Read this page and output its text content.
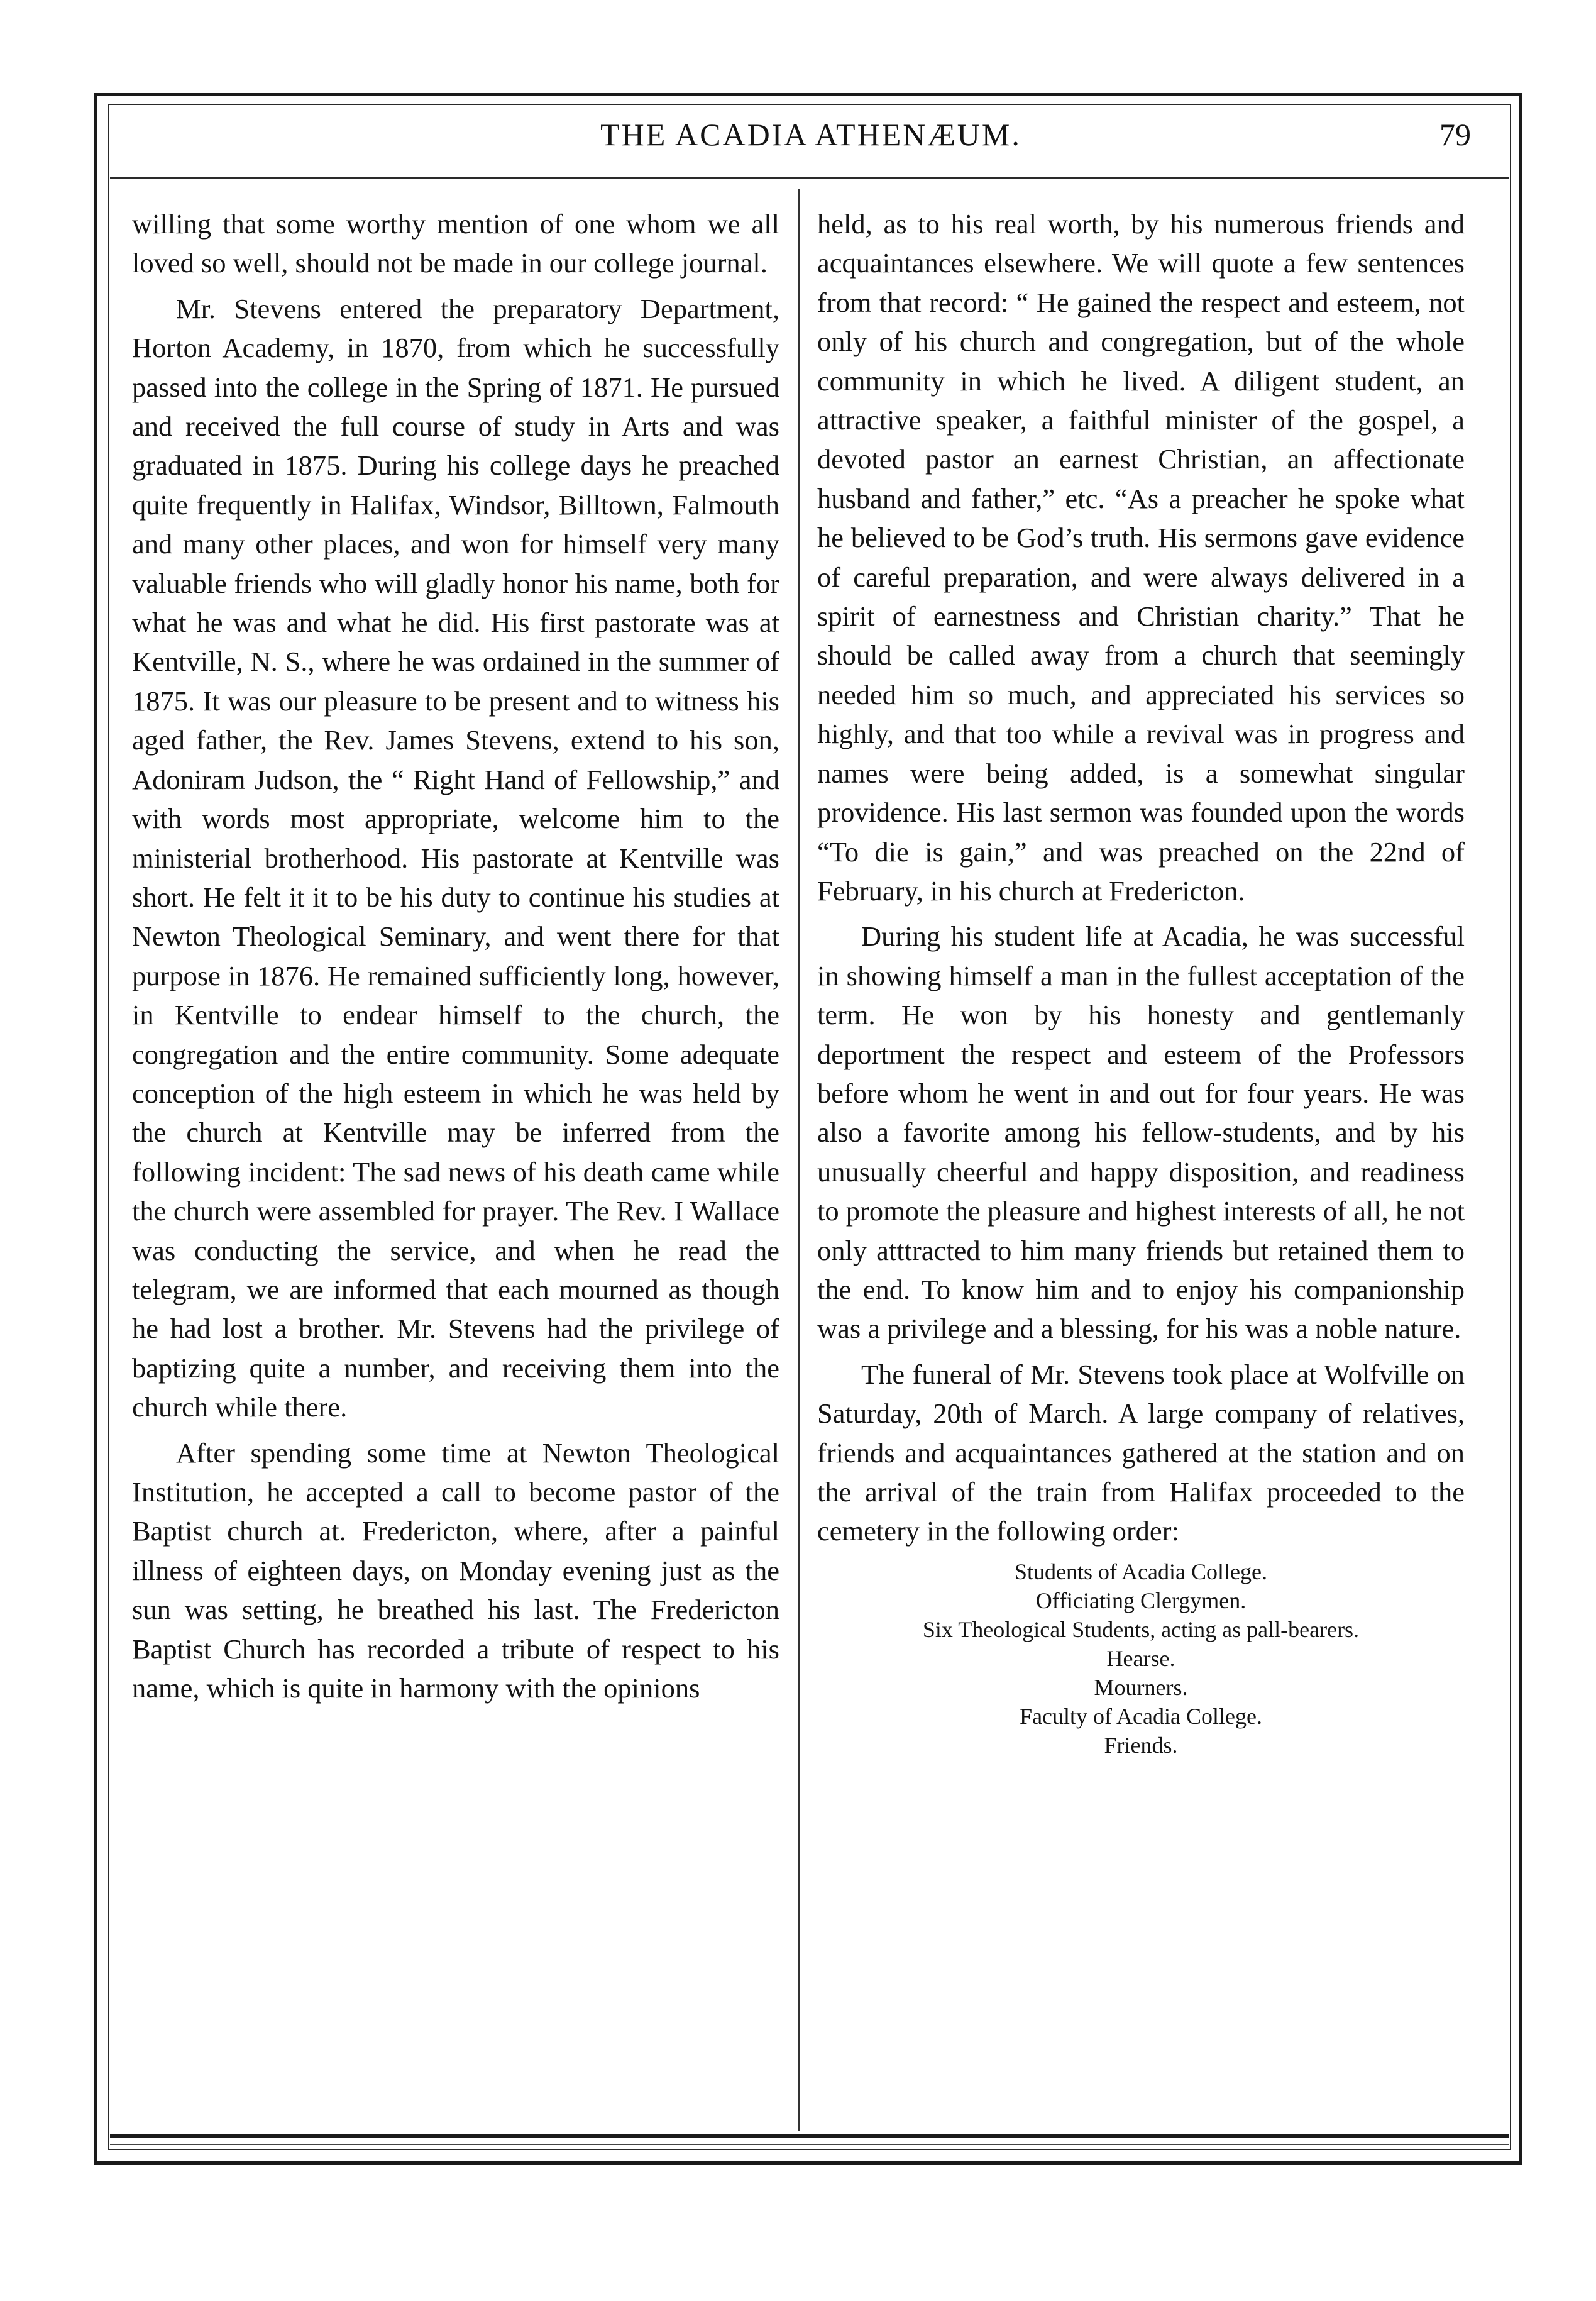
THE ACADIA ATHENÆUM.	79

willing that some worthy mention of one whom we all loved so well, should not be made in our college journal.

Mr. Stevens entered the preparatory Department, Horton Academy, in 1870, from which he successfully passed into the college in the Spring of 1871. He pursued and received the full course of study in Arts and was graduated in 1875. During his college days he preached quite frequently in Halifax, Windsor, Billtown, Falmouth and many other places, and won for himself very many valuable friends who will gladly honor his name, both for what he was and what he did. His first pastorate was at Kentville, N. S., where he was ordained in the summer of 1875. It was our pleasure to be present and to witness his aged father, the Rev. James Stevens, extend to his son, Adoniram Judson, the “ Right Hand of Fellowship,” and with words most appropriate, welcome him to the ministerial brotherhood. His pastorate at Kentville was short. He felt it it to be his duty to continue his studies at Newton Theological Seminary, and went there for that purpose in 1876. He remained sufficiently long, however, in Kentville to endear himself to the church, the congregation and the entire community. Some adequate conception of the high esteem in which he was held by the church at Kentville may be inferred from the following incident: The sad news of his death came while the church were assembled for prayer. The Rev. I Wallace was conducting the service, and when he read the telegram, we are informed that each mourned as though he had lost a brother. Mr. Stevens had the privilege of baptizing quite a number, and receiving them into the church while there.

After spending some time at Newton Theological Institution, he accepted a call to become pastor of the Baptist church at. Fredericton, where, after a painful illness of eighteen days, on Monday evening just as the sun was setting, he breathed his last. The Fredericton Baptist Church has recorded a tribute of respect to his name, which is quite in harmony with the opinions

held, as to his real worth, by his numerous friends and acquaintances elsewhere. We will quote a few sentences from that record: “ He gained the respect and esteem, not only of his church and congregation, but of the whole community in which he lived. A diligent student, an attractive speaker, a faithful minister of the gospel, a devoted pastor an earnest Christian, an affectionate husband and father,” etc. “As a preacher he spoke what he believed to be God’s truth. His sermons gave evidence of careful preparation, and were always delivered in a spirit of earnestness and Christian charity.” That he should be called away from a church that seemingly needed him so much, and appreciated his services so highly, and that too while a revival was in progress and names were being added, is a somewhat singular providence. His last sermon was founded upon the words “To die is gain,” and was preached on the 22nd of February, in his church at Fredericton.

During his student life at Acadia, he was successful in showing himself a man in the fullest acceptation of the term. He won by his honesty and gentlemanly deportment the respect and esteem of the Professors before whom he went in and out for four years. He was also a favorite among his fellow-students, and by his unusually cheerful and happy disposition, and readiness to promote the pleasure and highest interests of all, he not only atttracted to him many friends but retained them to the end. To know him and to enjoy his companionship was a privilege and a blessing, for his was a noble nature.

The funeral of Mr. Stevens took place at Wolfville on Saturday, 20th of March. A large company of relatives, friends and acquaintances gathered at the station and on the arrival of the train from Halifax proceeded to the cemetery in the following order:

Students of Acadia College.
Officiating Clergymen.
Six Theological Students, acting as pall-bearers.
Hearse.
Mourners.
Faculty of Acadia College.
Friends.
